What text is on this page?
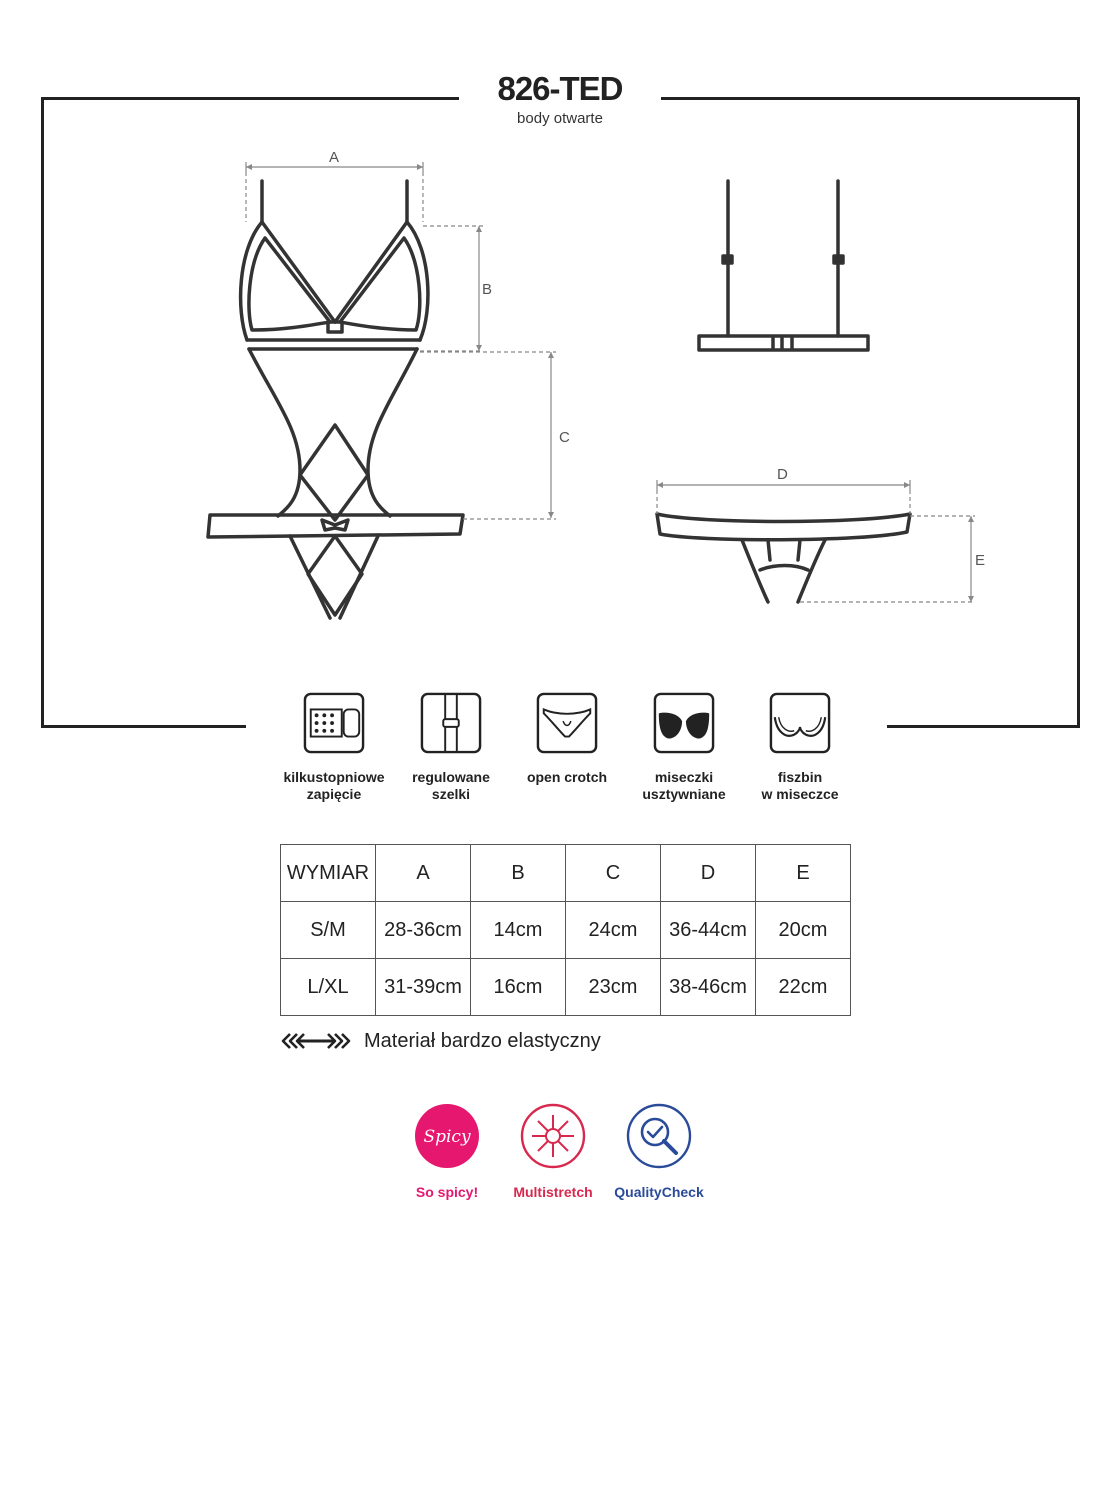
826-TED
body otwarte
A
B
C
D
E
kilkustopniowe
zapięcie
regulowane
szelki
open crotch	miseczki
usztywniane
fiszbin
w miseczce
WYMIAR	A	B	C	D	E
S/M	28-36cm	14cm	24cm	36-44cm	20cm
L/XL	31-39cm	16cm	23cm	38-46cm	22cm
Materiał bardzo elastyczny
Spicy
So spicy!	Multistretch	QualityCheck
